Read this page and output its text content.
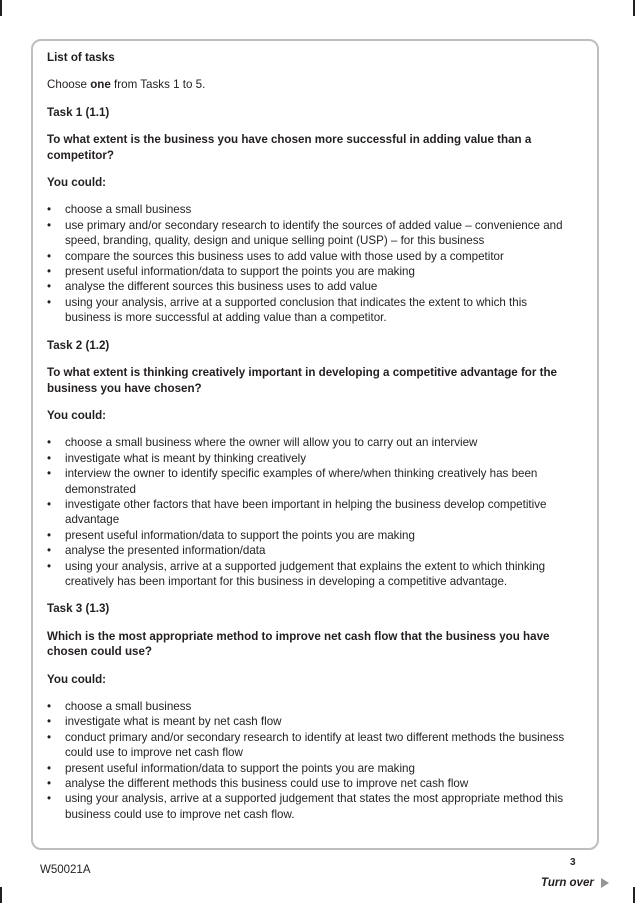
List of tasks

Choose one from Tasks 1 to 5.

Task 1 (1.1)

To what extent is the business you have chosen more successful in adding value than a competitor?

You could:

• choose a small business
• use primary and/or secondary research to identify the sources of added value – convenience and speed, branding, quality, design and unique selling point (USP) – for this business
• compare the sources this business uses to add value with those used by a competitor
• present useful information/data to support the points you are making
• analyse the different sources this business uses to add value
• using your analysis, arrive at a supported conclusion that indicates the extent to which this business is more successful at adding value than a competitor.

Task 2 (1.2)

To what extent is thinking creatively important in developing a competitive advantage for the business you have chosen?

You could:

• choose a small business where the owner will allow you to carry out an interview
• investigate what is meant by thinking creatively
• interview the owner to identify specific examples of where/when thinking creatively has been demonstrated
• investigate other factors that have been important in helping the business develop competitive advantage
• present useful information/data to support the points you are making
• analyse the presented information/data
• using your analysis, arrive at a supported judgement that explains the extent to which thinking creatively has been important for this business in developing a competitive advantage.

Task 3 (1.3)

Which is the most appropriate method to improve net cash flow that the business you have chosen could use?

You could:

• choose a small business
• investigate what is meant by net cash flow
• conduct primary and/or secondary research to identify at least two different methods the business could use to improve net cash flow
• present useful information/data to support the points you are making
• analyse the different methods this business could use to improve net cash flow
• using your analysis, arrive at a supported judgement that states the most appropriate method this business could use to improve net cash flow.
3
W50021A
Turn over
